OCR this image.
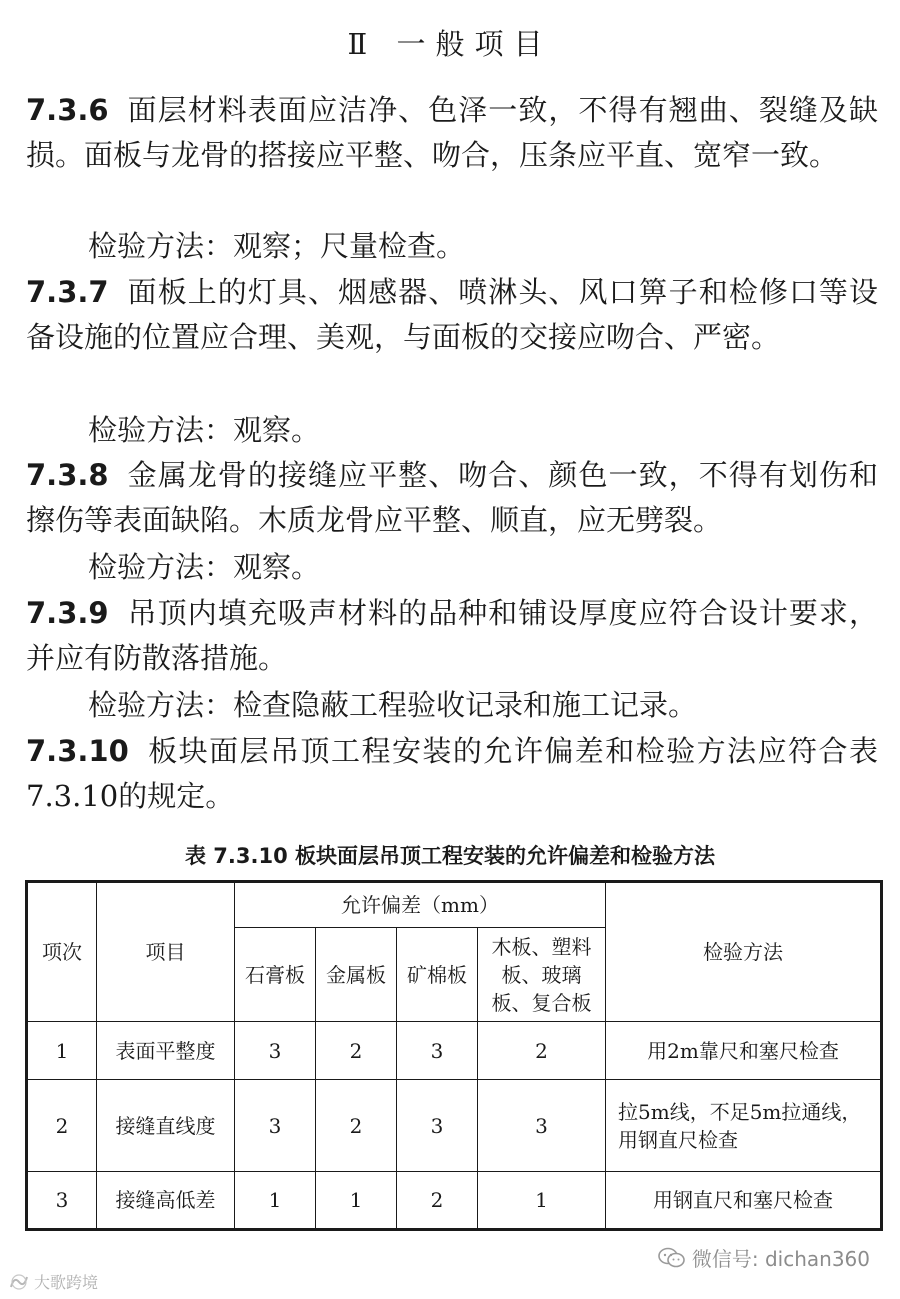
Ⅱ 一般项目

7.3.6 面层材料表面应洁净、色泽一致，不得有翘曲、裂缝及缺损。面板与龙骨的搭接应平整、吻合，压条应平直、宽窄一致。

检验方法：观察；尺量检查。

7.3.7 面板上的灯具、烟感器、喷淋头、风口箅子和检修口等设备设施的位置应合理、美观，与面板的交接应吻合、严密。

检验方法：观察。

7.3.8 金属龙骨的接缝应平整、吻合、颜色一致，不得有划伤和擦伤等表面缺陷。木质龙骨应平整、顺直，应无劈裂。

检验方法：观察。

7.3.9 吊顶内填充吸声材料的品种和铺设厚度应符合设计要求，并应有防散落措施。

检验方法：检查隐蔽工程验收记录和施工记录。

7.3.10 板块面层吊顶工程安装的允许偏差和检验方法应符合表7.3.10的规定。

表 7.3.10 板块面层吊顶工程安装的允许偏差和检验方法
项次	项目	允许偏差（mm）				检验方法
		石膏板	金属板	矿棉板	木板、塑料板、玻璃板、复合板	
1	表面平整度	3	2	3	2	用2m靠尺和塞尺检查
2	接缝直线度	3	2	3	3	拉5m线，不足5m拉通线，用钢直尺检查
3	接缝高低差	1	1	2	1	用钢直尺和塞尺检查
微信号: dichan360
大歌跨境
